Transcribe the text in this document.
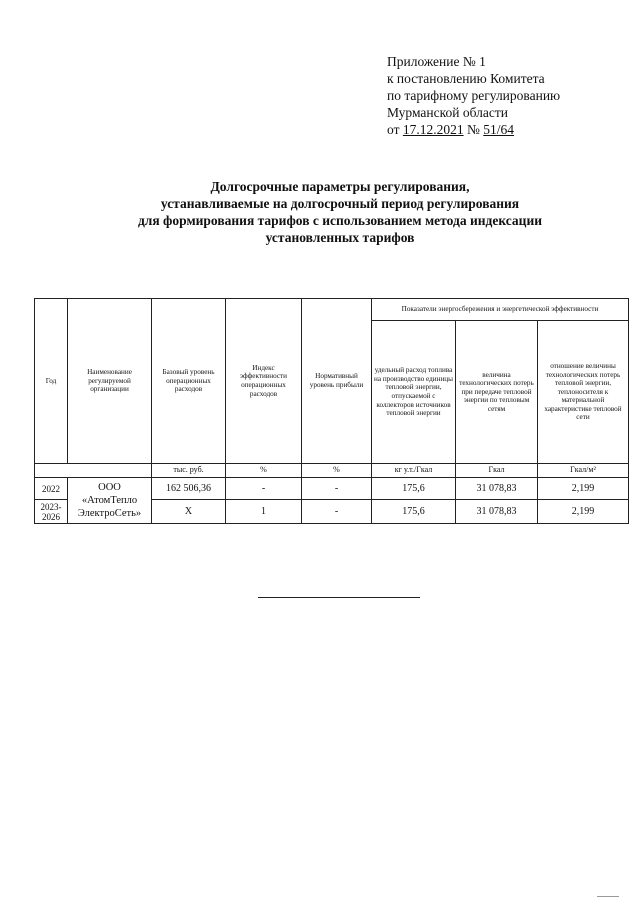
Приложение № 1
к постановлению Комитета
по тарифному регулированию
Мурманской области
от 17.12.2021 № 51/64
Долгосрочные параметры регулирования,
устанавливаемые на долгосрочный период регулирования
для формирования тарифов с использованием метода индексации
установленных тарифов
Год	Наименование регулируемой организации	Базовый уровень операционных расходов	Индекс эффективности операционных расходов	Нормативный уровень прибыли	Показатели энергосбережения и энергетической эффективности		
					удельный расход топлива на производство единицы тепловой энергии, отпускаемой с коллекторов источников тепловой энергии	величина технологических потерь при передаче тепловой энергии по тепловым сетям	отношение величины технологических потерь тепловой энергии, теплоносителя к материальной характеристике тепловой сети
		тыс. руб.	%	%	кг у.т./Гкал	Гкал	Гкал/м²
2022	ООО «АтомТепло ЭлектроСеть»	162 506,36	-	-	175,6	31 078,83	2,199
2023-2026		X	1	-	175,6	31 078,83	2,199
